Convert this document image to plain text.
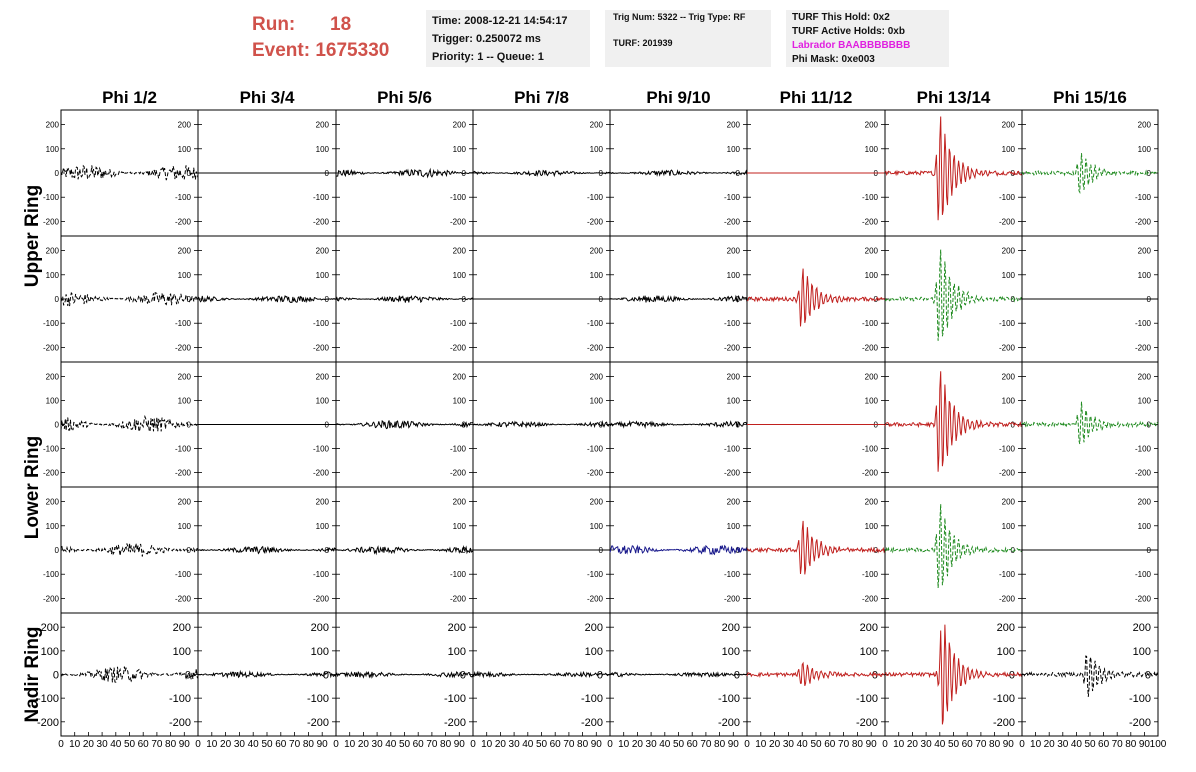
Run: 18
Event: 1675330
Time: 2008-12-21 14:54:17
Trigger: 0.250072 ms
Priority: 1 -- Queue: 1
Trig Num: 5322 -- Trig Type: RF
TURF: 201939
TURF This Hold: 0x2
TURF Active Holds: 0xb
Labrador BAABBBBBBB
Phi Mask: 0xe003
Phi 1/2	Phi 3/4	Phi 5/6	Phi 7/8	Phi 9/10	Phi 11/12	Phi 13/14	Phi 15/16
Upper Ring
Lower Ring
Nadir Ring
200
200
100
100
0
0
-100
-100
-200
-200
200
100
0
-100
-200
200
100
0
-100
-200
200
100
0
-100
-200
200
100
0
-100
-200
200
100
0
-100
-200
200
100
0
-100
-200
200
100
0
-100
-200
200
200
100
100
0
0
-100
-100
-200
-200
200
100
0
-100
-200
200
100
0
-100
-200
200
100
0
-100
-200
200
100
0
-100
-200
200
100
0
-100
-200
200
100
0
-100
-200
200
100
0
-100
-200
200
200
100
100
0
0
-100
-100
-200
-200
200
100
0
-100
-200
200
100
0
-100
-200
200
100
0
-100
-200
200
100
0
-100
-200
200
100
0
-100
-200
200
100
0
-100
-200
200
100
0
-100
-200
200
200
100
100
0
0
-100
-100
-200
-200
200
100
0
-100
-200
200
100
0
-100
-200
200
100
0
-100
-200
200
100
0
-100
-200
200
100
0
-100
-200
200
100
0
-100
-200
200
100
0
-100
-200
200
200
100
100
0
0
-100
-100
-200
-200
200
100
0
-100
-200
200
100
0
-100
-200
200
100
0
-100
-200
200
100
0
-100
-200
200
100
0
-100
-200
200
100
0
-100
-200
200
100
0
-100
-200
0 10 20 30 40 50 60 70 80 90 0 10 20 30 40 50 60 70 80 90 0 10 20 30 40 50 60 70 80 90 0 10 20 30 40 50 60 70 80 90 0 10 20 30 40 50 60 70 80 90 0 10 20 30 40 50 60 70 80 90 0 10 20 30 40 50 60 70 80 90 0 10 20 30 40 50 60 70 80 90 100
